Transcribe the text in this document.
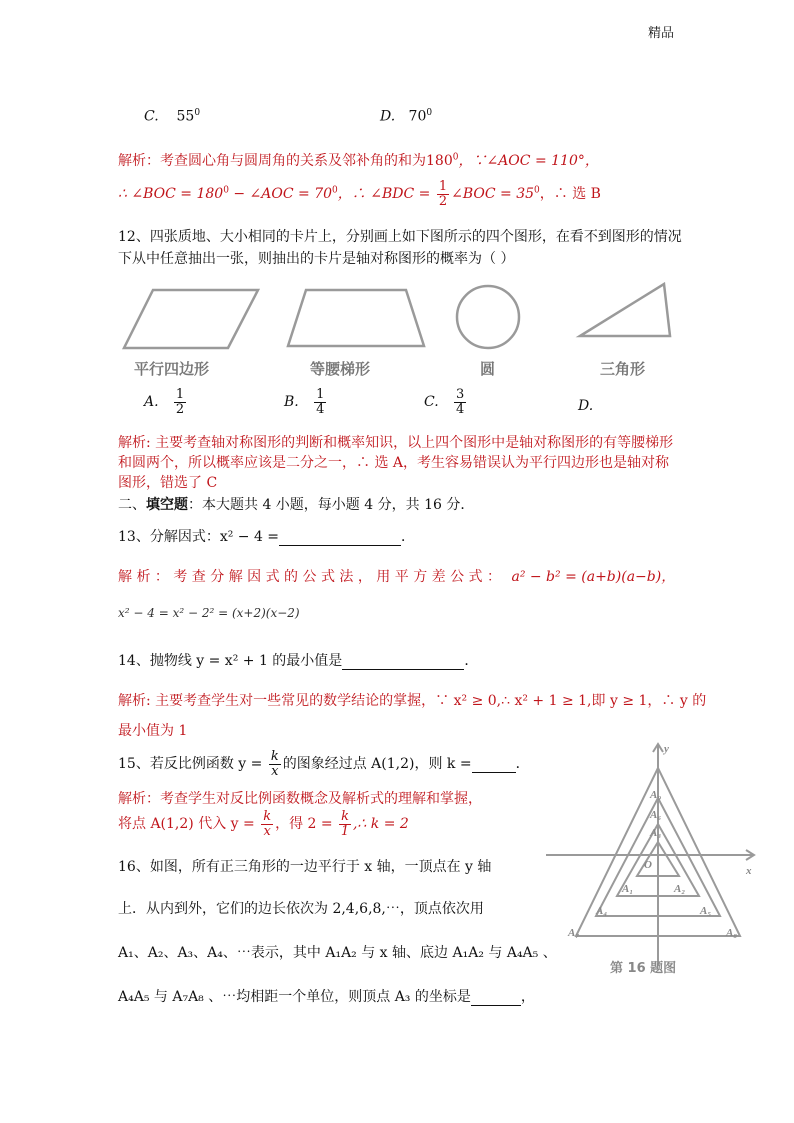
精品
C. $55^0$	D. $70^0$
解析：考查圆心角与圆周角的关系及邻补角的和为$180^0$，∵∠AOC = 110°，
∴ ∠BOC = $180^0$ − ∠AOC = $70^0$，∴ ∠BDC = $\frac{1}{2}$ ∠BOC = $35^0$，∴ 选 B
12、四张质地、大小相同的卡片上，分别画上如下图所示的四个图形，在看不到图形的情况
下从中任意抽出一张，则抽出的卡片是轴对称图形的概率为（ ）
平行四边形	等腰梯形	圆	三角形
A. $\frac{1}{2}$	B. $\frac{1}{4}$	C. $\frac{3}{4}$	D.
解析: 主要考查轴对称图形的判断和概率知识，以上四个图形中是轴对称图形的有等腰梯形
和圆两个，所以概率应该是二分之一，∴ 选 A，考生容易错误认为平行四边形也是轴对称
图形，错选了 C
二、填空题：本大题共 4 小题，每小题 4 分，共 16 分．
13、分解因式：x² − 4 =	．
解 析 ： 考 查 分 解 因 式 的 公 式 法 ， 用 平 方 差 公 式 ： a² − b² = (a+b)(a−b)，
x² − 4 = x² − 2² = (x+2)(x−2)
14、抛物线 y = x² + 1 的最小值是	．
解析: 主要考查学生对一些常见的数学结论的掌握，∵ x² ≥ 0,∴ x² + 1 ≥ 1,即 y ≥ 1，∴ y 的
最小值为 1
15、若反比例函数 $y = \frac{k}{x}$ 的图象经过点 A(1,2)，则 k =	．
解析：考查学生对反比例函数概念及解析式的理解和掌握，
将点 A(1,2) 代入 $y = \frac{k}{x}$ ，得 $2 = \frac{k}{1}$ ,∴ k = 2
16、如图，所有正三角形的一边平行于 x 轴，一顶点在 y 轴
上．从内到外，它们的边长依次为 2,4,6,8,⋯，顶点依次用
A₁、A₂、A₃、A₄、⋯表示，其中 A₁A₂ 与 x 轴、底边 A₁A₂ 与 A₄A₅ 、
A₄A₅ 与 A₇A₈ 、⋯均相距一个单位，则顶点 A₃ 的坐标是	，
x
y
O
A₁	A₂
A₃
A₄	A₅
A₆
A₇	A₈
A₉
第 16 题图
